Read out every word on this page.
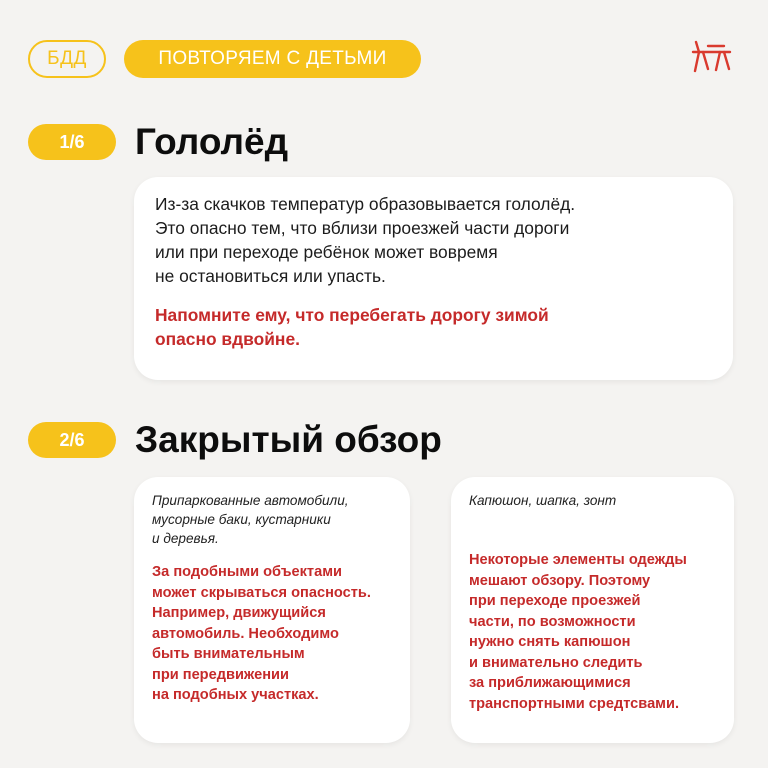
БДД	ПОВТОРЯЕМ С ДЕТЬМИ
1/6	Гололёд
Из-за скачков температур образовывается гололёд.
Это опасно тем, что вблизи проезжей части дороги
или при переходе ребёнок может вовремя
не остановиться или упасть.
Напомните ему, что перебегать дорогу зимой
опасно вдвойне.
2/6	Закрытый обзор
Припаркованные автомобили,
мусорные баки, кустарники
и деревья.
За подобными объектами
может скрываться опасность.
Например, движущийся
автомобиль. Необходимо
быть внимательным
при передвижении
на подобных участках.
Капюшон, шапка, зонт
Некоторые элементы одежды
мешают обзору. Поэтому
при переходе проезжей
части, по возможности
нужно снять капюшон
и внимательно следить
за приближающимися
транспортными средтсвами.
